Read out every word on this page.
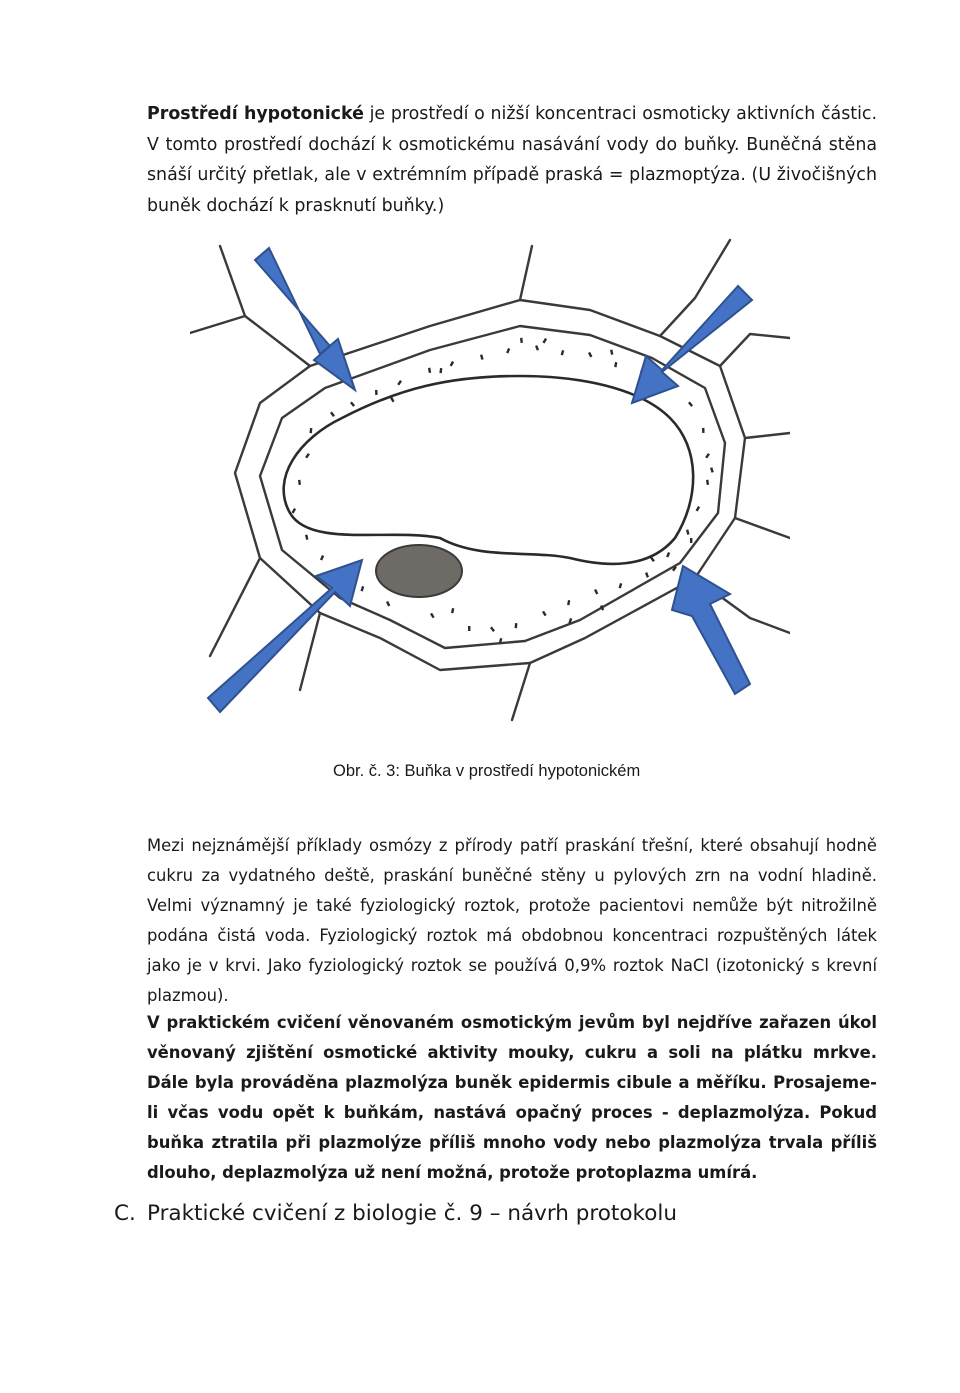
Prostředí hypotonické je prostředí o nižší koncentraci osmoticky aktivních částic. V tomto prostředí dochází k osmotickému nasávání vody do buňky. Buněčná stěna snáší určitý přetlak, ale v extrémním případě praská = plazmoptýza. (U živočišných buněk dochází k prasknutí buňky.)

Obr. č. 3: Buňka v prostředí hypotonickém

Mezi nejznámější příklady osmózy z přírody patří praskání třešní, které obsahují hodně cukru za vydatného deště, praskání buněčné stěny u pylových zrn na vodní hladině. Velmi významný je také fyziologický roztok, protože pacientovi nemůže být nitrožilně podána čistá voda. Fyziologický roztok má obdobnou koncentraci rozpuštěných látek jako je v krvi. Jako fyziologický roztok se používá 0,9% roztok NaCl (izotonický s krevní plazmou).

V praktickém cvičení věnovaném osmotickým jevům byl nejdříve zařazen úkol věnovaný zjištění osmotické aktivity mouky, cukru a soli na plátku mrkve. Dále byla prováděna plazmolýza buněk epidermis cibule a měříku. Prosajeme-li včas vodu opět k buňkám, nastává opačný proces - deplazmolýza. Pokud buňka ztratila při plazmolýze příliš mnoho vody nebo plazmolýza trvala příliš dlouho, deplazmolýza už není možná, protože protoplazma umírá.

C. Praktické cvičení z biologie č. 9 – návrh protokolu
